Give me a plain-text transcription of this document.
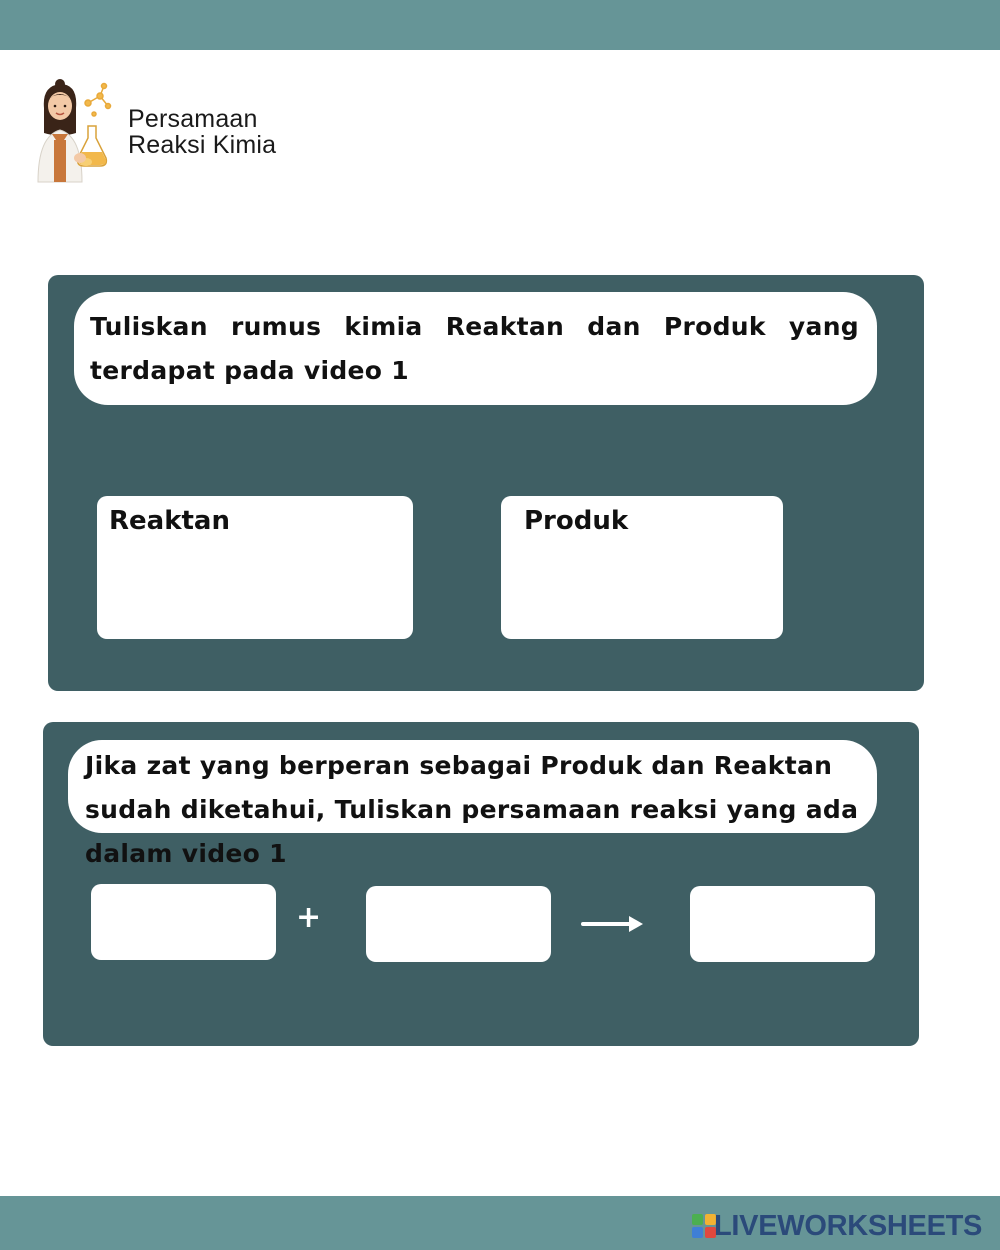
Persamaan
Reaksi Kimia
Tuliskan rumus kimia Reaktan dan Produk yang terdapat pada video 1
Reaktan	Produk
Jika zat yang berperan sebagai Produk dan Reaktan sudah diketahui, Tuliskan persamaan reaksi yang ada dalam video 1
+
LIVEWORKSHEETS
